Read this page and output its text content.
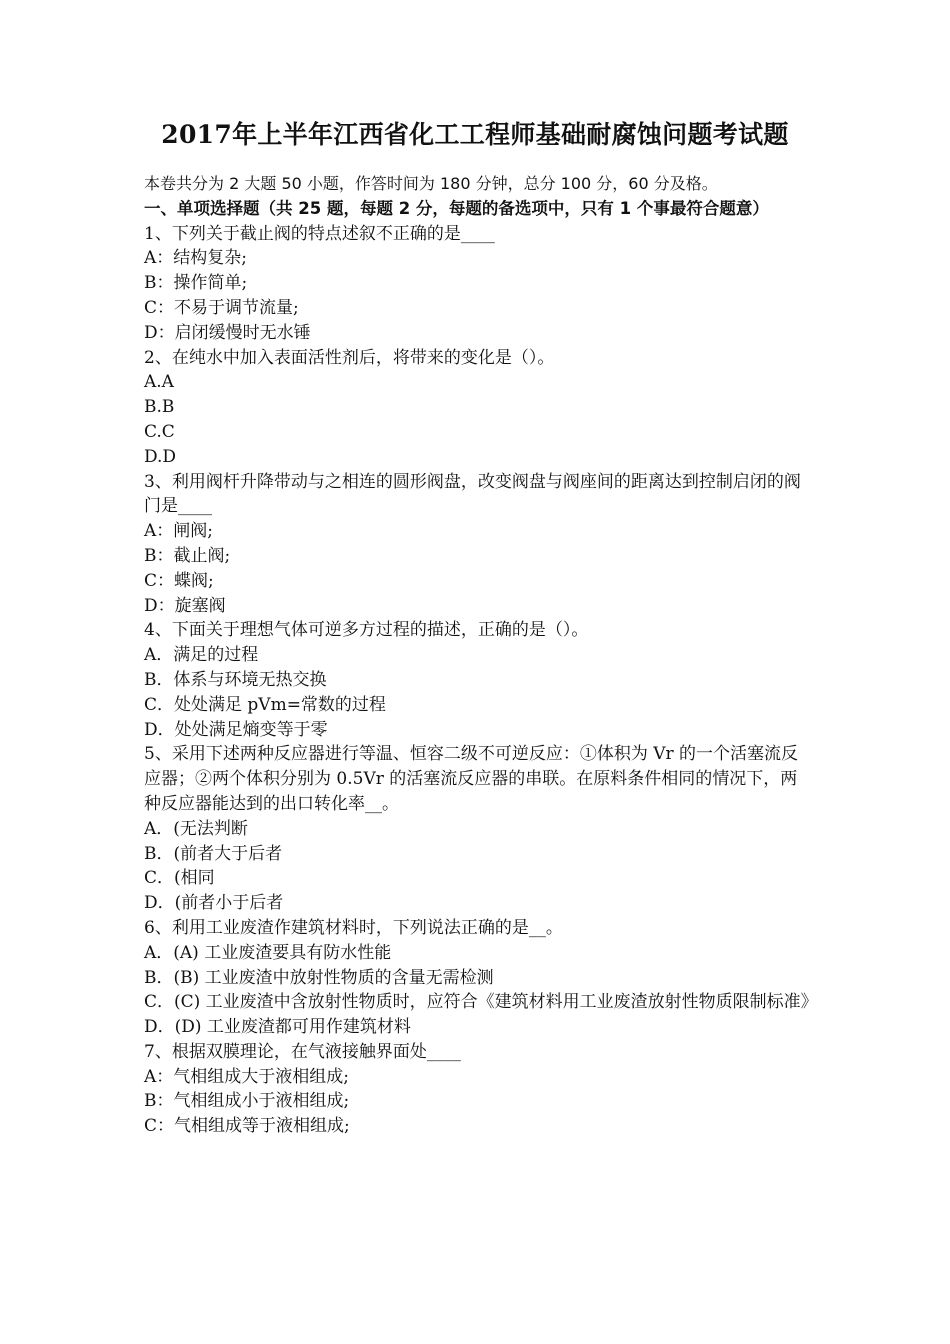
2017年上半年江西省化工工程师基础耐腐蚀问题考试题
本卷共分为 2 大题 50 小题，作答时间为 180 分钟，总分 100 分，60 分及格。
一、单项选择题（共 25 题，每题 2 分，每题的备选项中，只有 1 个事最符合题意）
1、下列关于截止阀的特点述叙不正确的是____
A：结构复杂;
B：操作简单;
C：不易于调节流量;
D：启闭缓慢时无水锤
2、在纯水中加入表面活性剂后，将带来的变化是（）。
A.A
B.B
C.C
D.D
3、利用阀杆升降带动与之相连的圆形阀盘，改变阀盘与阀座间的距离达到控制启闭的阀门是____
A：闸阀;
B：截止阀;
C：蝶阀;
D：旋塞阀
4、下面关于理想气体可逆多方过程的描述，正确的是（）。
A．满足的过程
B．体系与环境无热交换
C．处处满足 pVm=常数的过程
D．处处满足熵变等于零
5、采用下述两种反应器进行等温、恒容二级不可逆反应：①体积为 Vr 的一个活塞流反应器；②两个体积分别为 0.5Vr 的活塞流反应器的串联。在原料条件相同的情况下，两种反应器能达到的出口转化率__。
A．(无法判断
B．(前者大于后者
C．(相同
D．(前者小于后者
6、利用工业废渣作建筑材料时，下列说法正确的是__。
A．(A) 工业废渣要具有防水性能
B．(B) 工业废渣中放射性物质的含量无需检测
C．(C) 工业废渣中含放射性物质时，应符合《建筑材料用工业废渣放射性物质限制标准》
D．(D) 工业废渣都可用作建筑材料
7、根据双膜理论，在气液接触界面处____
A：气相组成大于液相组成;
B：气相组成小于液相组成;
C：气相组成等于液相组成;
